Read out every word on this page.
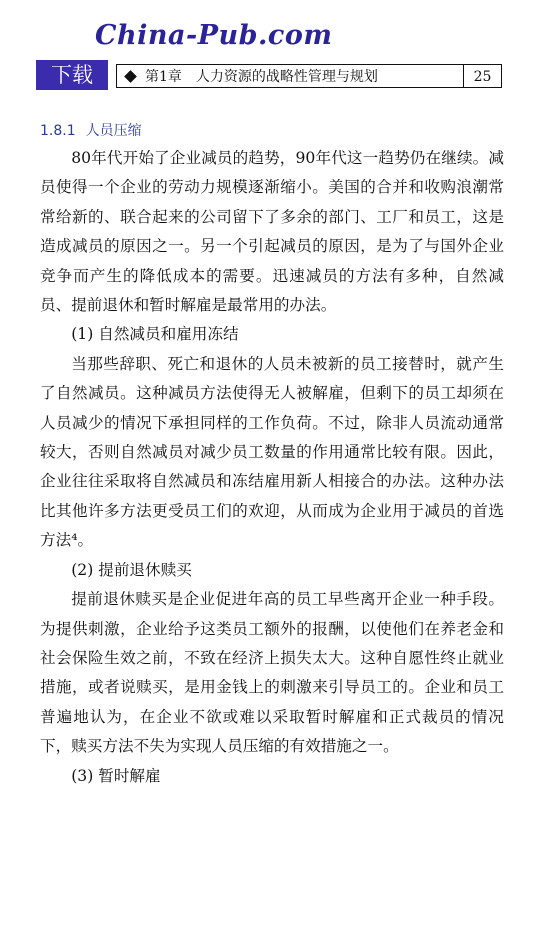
China-Pub.com
下载	第1章 人力资源的战略性管理与规划	25
1.8.1 人员压缩

80年代开始了企业减员的趋势，90年代这一趋势仍在继续。减员使得一个企业的劳动力规模逐渐缩小。美国的合并和收购浪潮常常给新的、联合起来的公司留下了多余的部门、工厂和员工，这是造成减员的原因之一。另一个引起减员的原因，是为了与国外企业竞争而产生的降低成本的需要。迅速减员的方法有多种，自然减员、提前退休和暂时解雇是最常用的办法。

(1) 自然减员和雇用冻结

当那些辞职、死亡和退休的人员未被新的员工接替时，就产生了自然减员。这种减员方法使得无人被解雇，但剩下的员工却须在人员减少的情况下承担同样的工作负荷。不过，除非人员流动通常较大，否则自然减员对减少员工数量的作用通常比较有限。因此，企业往往采取将自然减员和冻结雇用新人相接合的办法。这种办法比其他许多方法更受员工们的欢迎，从而成为企业用于减员的首选方法⁴。

(2) 提前退休赎买

提前退休赎买是企业促进年高的员工早些离开企业一种手段。为提供刺激，企业给予这类员工额外的报酬，以使他们在养老金和社会保险生效之前，不致在经济上损失太大。这种自愿性终止就业措施，或者说赎买，是用金钱上的刺激来引导员工的。企业和员工普遍地认为，在企业不欲或难以采取暂时解雇和正式裁员的情况下，赎买方法不失为实现人员压缩的有效措施之一。

(3) 暂时解雇
